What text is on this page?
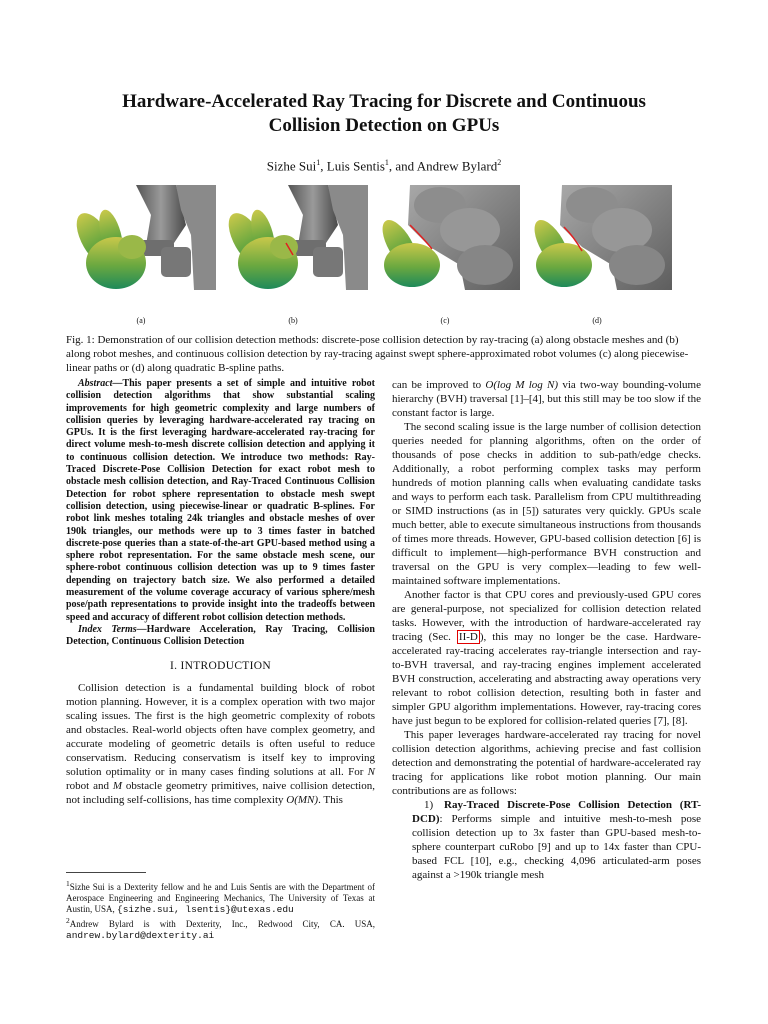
Hardware-Accelerated Ray Tracing for Discrete and Continuous
Collision Detection on GPUs
Sizhe Sui$^1$, Luis Sentis$^1$, and Andrew Bylard$^2$
(a)	(b)	(c)	(d)
Fig. 1: Demonstration of our collision detection methods: discrete-pose collision detection by ray-tracing (a) along obstacle meshes and (b) along robot meshes, and continuous collision detection by ray-tracing against swept sphere-approximated robot volumes (c) along piecewise-linear paths or (d) along quadratic B-spline paths.

Abstract—This paper presents a set of simple and intuitive robot collision detection algorithms that show substantial scaling improvements for high geometric complexity and large numbers of collision queries by leveraging hardware-accelerated ray tracing on GPUs. It is the first leveraging hardware-accelerated ray-tracing for direct volume mesh-to-mesh discrete collision detection and applying it to continuous collision detection. We introduce two methods: Ray-Traced Discrete-Pose Collision Detection for exact robot mesh to obstacle mesh collision detection, and Ray-Traced Continuous Collision Detection for robot sphere representation to obstacle mesh swept collision detection, using piecewise-linear or quadratic B-splines. For robot link meshes totaling 24k triangles and obstacle meshes of over 190k triangles, our methods were up to 3 times faster in batched discrete-pose queries than a state-of-the-art GPU-based method using a sphere robot representation. For the same obstacle mesh scene, our sphere-robot continuous collision detection was up to 9 times faster depending on trajectory batch size. We also performed a detailed measurement of the volume coverage accuracy of various sphere/mesh pose/path representations to provide insight into the tradeoffs between speed and accuracy of different robot collision detection methods.

Index Terms—Hardware Acceleration, Ray Tracing, Collision Detection, Continuous Collision Detection

I. INTRODUCTION

Collision detection is a fundamental building block of robot motion planning. However, it is a complex operation with two major scaling issues. The first is the high geometric complexity of robots and obstacles. Real-world objects often have complex geometry, and accurate modeling of geometric details is often useful to reduce conservatism. Reducing conservatism is itself key to improving solution optimality or in many cases finding solutions at all. For N robot and M obstacle geometry primitives, naive collision detection, not including self-collisions, has time complexity O(MN). This

$^1$Sizhe Sui is a Dexterity fellow and he and Luis Sentis are with the Department of Aerospace Engineering and Engineering Mechanics, The University of Texas at Austin, USA, {sizhe.sui, lsentis}@utexas.edu
$^2$Andrew Bylard is with Dexterity, Inc., Redwood City, CA. USA, andrew.bylard@dexterity.ai

can be improved to O(log M log N) via two-way bounding-volume hierarchy (BVH) traversal [1]–[4], but this still may be too slow if the constant factor is large.

The second scaling issue is the large number of collision detection queries needed for planning algorithms, often on the order of thousands of pose checks in addition to sub-path/edge checks. Additionally, a robot performing complex tasks may perform hundreds of motion planning calls when evaluating candidate tasks and ways to perform each task. Parallelism from CPU multithreading or SIMD instructions (as in [5]) saturates very quickly. GPUs scale much better, able to execute simultaneous instructions from thousands of times more threads. However, GPU-based collision detection [6] is difficult to implement—high-performance BVH construction and traversal on the GPU is very complex—leading to few well-maintained software implementations.

Another factor is that CPU cores and previously-used GPU cores are general-purpose, not specialized for collision detection related tasks. However, with the introduction of hardware-accelerated ray tracing (Sec. II-D ), this may no longer be the case. Hardware-accelerated ray-tracing accelerates ray-triangle intersection and ray-to-BVH traversal, and ray-tracing engines implement accelerated BVH construction, accelerating and abstracting away operations very relevant to robot collision detection, resulting both in faster and simpler GPU algorithm implementations. However, ray-tracing cores have just begun to be explored for collision-related queries [7], [8].

This paper leverages hardware-accelerated ray tracing for novel collision detection algorithms, achieving precise and fast collision detection and demonstrating the potential of hardware-accelerated ray tracing for applications like robot motion planning. Our main contributions are as follows:

1) Ray-Traced Discrete-Pose Collision Detection (RT-DCD): Performs simple and intuitive mesh-to-mesh pose collision detection up to 3x faster than GPU-based mesh-to-sphere counterpart cuRobo [9] and up to 14x faster than CPU-based FCL [10], e.g., checking 4,096 articulated-arm poses against a >190k triangle mesh
